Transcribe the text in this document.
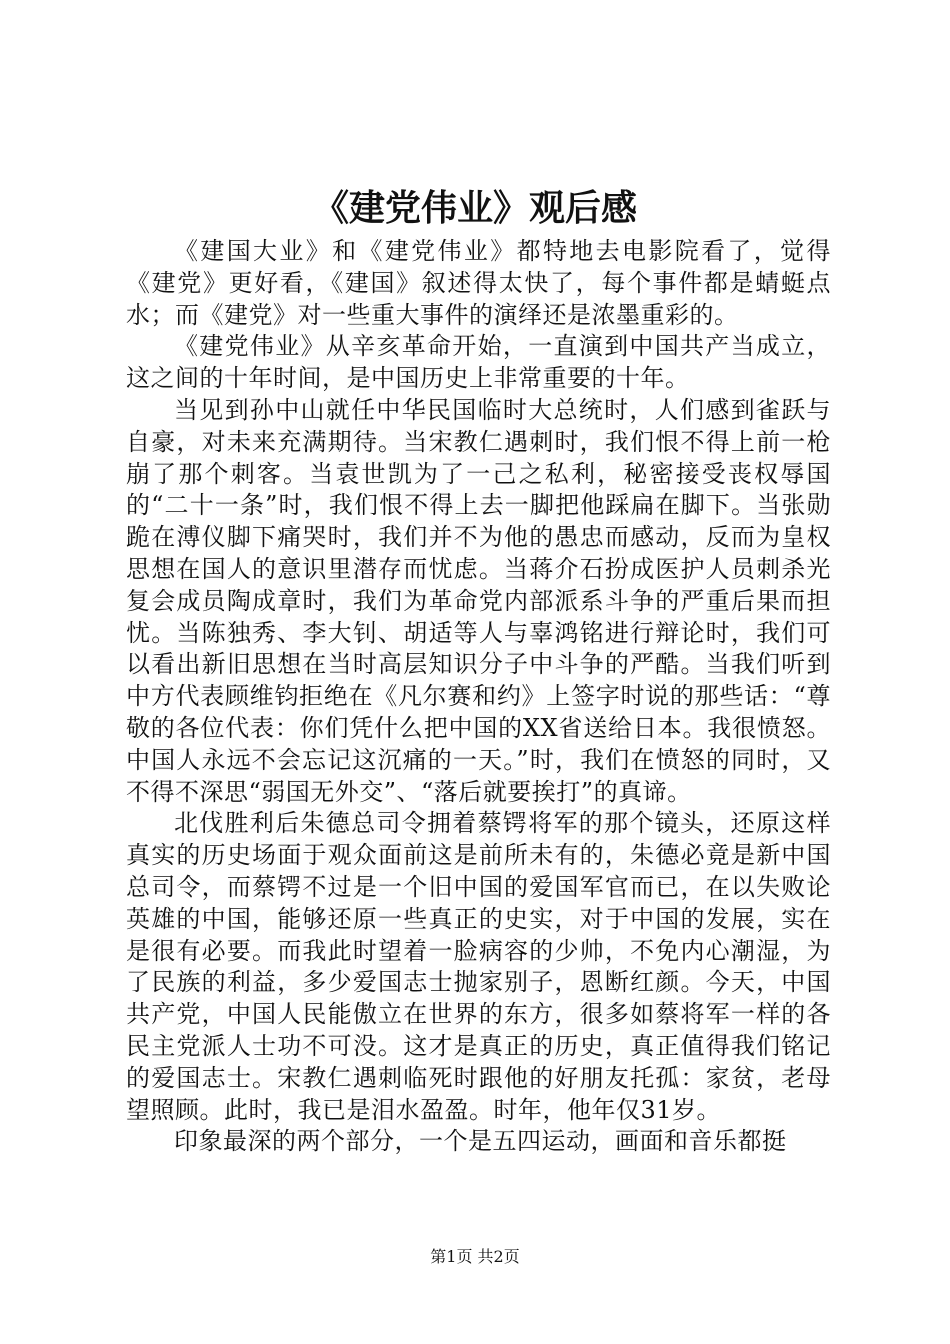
《建党伟业》观后感

《建国大业》和《建党伟业》都特地去电影院看了，觉得《建党》更好看，《建国》叙述得太快了，每个事件都是蜻蜓点水；而《建党》对一些重大事件的演绎还是浓墨重彩的。

《建党伟业》从辛亥革命开始，一直演到中国共产当成立，这之间的十年时间，是中国历史上非常重要的十年。

当见到孙中山就任中华民国临时大总统时，人们感到雀跃与自豪，对未来充满期待。当宋教仁遇刺时，我们恨不得上前一枪崩了那个刺客。当袁世凯为了一己之私利，秘密接受丧权辱国的“二十一条”时，我们恨不得上去一脚把他踩扁在脚下。当张勋跪在溥仪脚下痛哭时，我们并不为他的愚忠而感动，反而为皇权思想在国人的意识里潜存而忧虑。当蒋介石扮成医护人员刺杀光复会成员陶成章时，我们为革命党内部派系斗争的严重后果而担忧。当陈独秀、李大钊、胡适等人与辜鸿铭进行辩论时，我们可以看出新旧思想在当时高层知识分子中斗争的严酷。当我们听到中方代表顾维钧拒绝在《凡尔赛和约》上签字时说的那些话：“尊敬的各位代表：你们凭什么把中国的XX省送给日本。我很愤怒。中国人永远不会忘记这沉痛的一天。”时，我们在愤怒的同时，又不得不深思“弱国无外交”、“落后就要挨打”的真谛。

北伐胜利后朱德总司令拥着蔡锷将军的那个镜头，还原这样真实的历史场面于观众面前这是前所未有的，朱德必竟是新中国总司令，而蔡锷不过是一个旧中国的爱国军官而已，在以失败论英雄的中国，能够还原一些真正的史实，对于中国的发展，实在是很有必要。而我此时望着一脸病容的少帅，不免内心潮湿，为了民族的利益，多少爱国志士抛家别子，恩断红颜。今天，中国共产党，中国人民能傲立在世界的东方，很多如蔡将军一样的各民主党派人士功不可没。这才是真正的历史，真正值得我们铭记的爱国志士。宋教仁遇刺临死时跟他的好朋友托孤：家贫，老母望照顾。此时，我已是泪水盈盈。时年，他年仅31岁。

印象最深的两个部分，一个是五四运动，画面和音乐都挺

第1页 共2页
